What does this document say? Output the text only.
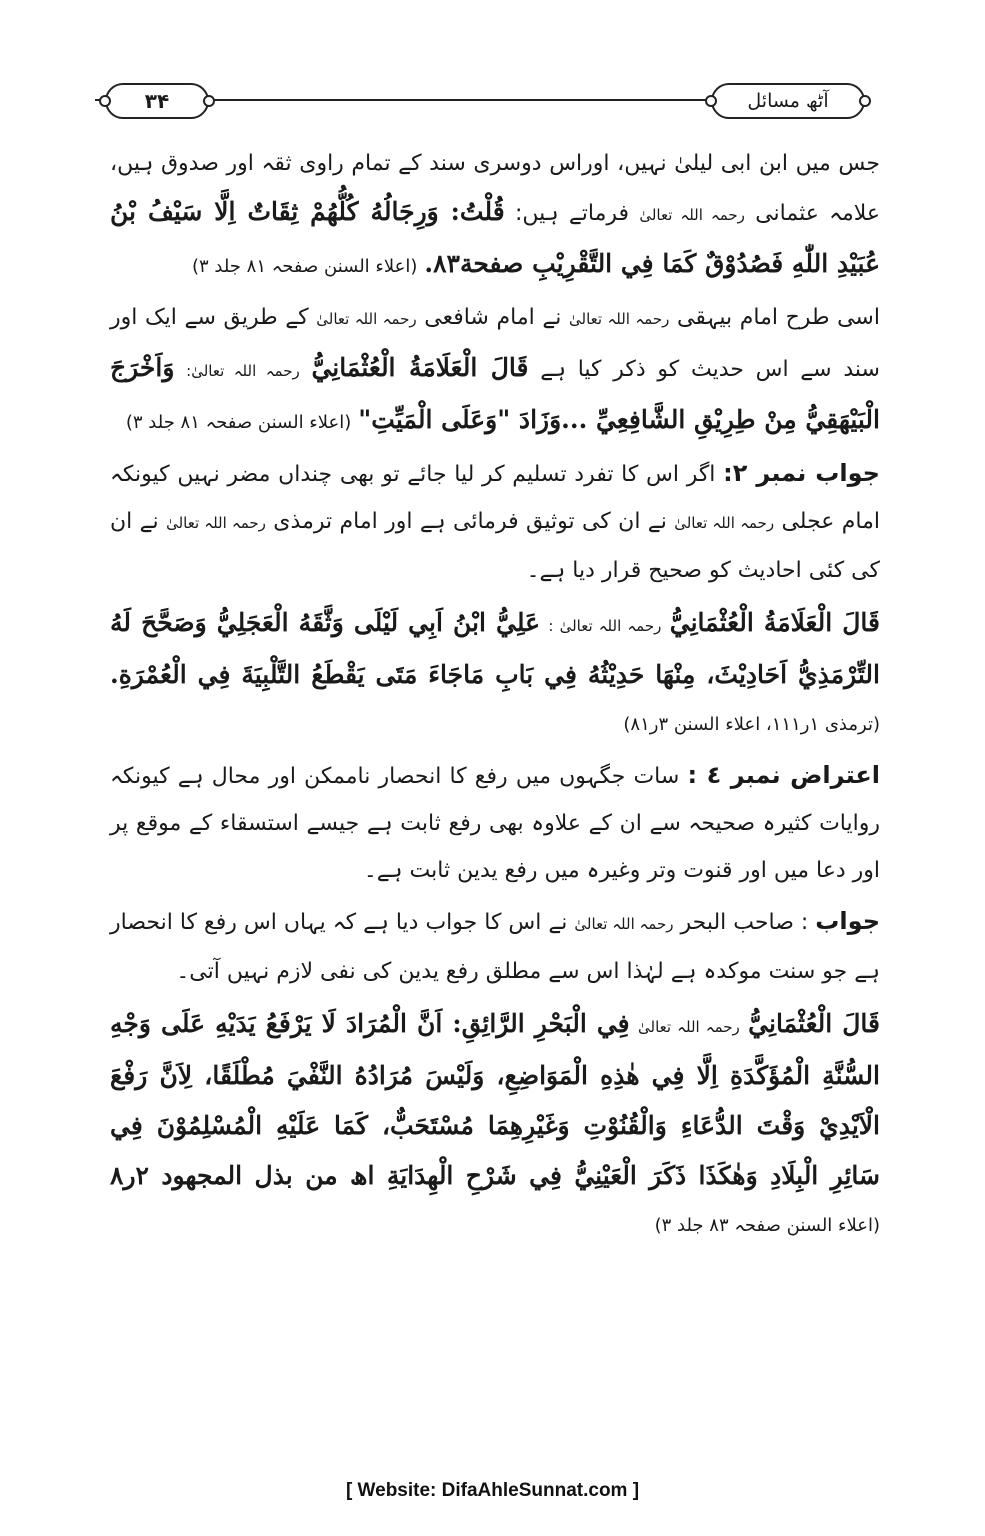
۳۴	آٹھ مسائل

جس میں ابن ابی لیلیٰ نہیں، اوراس دوسری سند کے تمام راوی ثقہ اور صدوق ہیں، علامہ عثمانی رحمہ اللہ تعالیٰ فرماتے ہیں: قُلْتُ: وَرِجَالُهُ كُلُّهُمْ ثِقَاتٌ اِلَّا سَيْفُ بْنُ عُبَيْدِ اللّٰهِ فَصُدُوْقٌ كَمَا فِي التَّقْرِيْبِ صفحة۸۳. (اعلاء السنن صفحہ ۸۱ جلد ۳)

اسی طرح امام بیہقی رحمہ اللہ تعالیٰ نے امام شافعی رحمہ اللہ تعالیٰ کے طریق سے ایک اور سند سے اس حدیث کو ذکر کیا ہے قَالَ الْعَلَامَةُ الْعُثْمَانِيُّ رحمہ اللہ تعالیٰ: وَاَخْرَجَ الْبَيْهَقِيُّ مِنْ طِرِيْقِ الشَّافِعِيِّ ...وَزَادَ "وَعَلَى الْمَيِّتِ" (اعلاء السنن صفحہ ۸۱ جلد ۳)

جواب نمبر ۲: اگر اس کا تفرد تسلیم کر لیا جائے تو بھی چنداں مضر نہیں کیونکہ امام عجلی رحمہ اللہ تعالیٰ نے ان کی توثیق فرمائی ہے اور امام ترمذی رحمہ اللہ تعالیٰ نے ان کی کئی احادیث کو صحیح قرار دیا ہے۔

قَالَ الْعَلَامَةُ الْعُثْمَانِيُّ رحمہ اللہ تعالیٰ : عَلِيُّ ابْنُ اَبِي لَيْلَى وَثَّقَهُ الْعَجَلِيُّ وَصَحَّحَ لَهُ التِّرْمَذِيُّ اَحَادِيْثَ، مِنْهَا حَدِيْثُهُ فِي بَابِ مَاجَاءَ مَتَى يَقْطَعُ التَّلْبِيَةَ فِي الْعُمْرَةِ. (ترمذی ۱ر۱۱۱، اعلاء السنن ۳ر۸۱)

اعتراض نمبر ٤ : سات جگہوں میں رفع کا انحصار ناممکن اور محال ہے کیونکہ روایات کثیرہ صحیحہ سے ان کے علاوہ بھی رفع ثابت ہے جیسے استسقاء کے موقع پر اور دعا میں اور قنوت وتر وغیرہ میں رفع یدین ثابت ہے۔

جواب : صاحب البحر رحمہ اللہ تعالیٰ نے اس کا جواب دیا ہے کہ یہاں اس رفع کا انحصار ہے جو سنت موکدہ ہے لہٰذا اس سے مطلق رفع یدین کی نفی لازم نہیں آتی۔

قَالَ الْعُثْمَانِيُّ رحمہ اللہ تعالیٰ فِي الْبَحْرِ الرَّائِقِ: اَنَّ الْمُرَادَ لَا يَرْفَعُ يَدَيْهِ عَلَى وَجْهِ السُّنَّةِ الْمُؤَكَّدَةِ اِلَّا فِي هٰذِهِ الْمَوَاضِعِ، وَلَيْسَ مُرَادُهُ النَّفْيَ مُطْلَقًا، لِاَنَّ رَفْعَ الْاَيْدِيْ وَقْتَ الدُّعَاءِ وَالْقُنُوْتِ وَغَيْرِهِمَا مُسْتَحَبٌّ، كَمَا عَلَيْهِ الْمُسْلِمُوْنَ فِي سَائِرِ الْبِلَادِ وَهٰكَذَا ذَكَرَ الْعَيْنِيُّ فِي شَرْحِ الْهِدَايَةِ اھ من بذل المجھود ۲ر۸ (اعلاء السنن صفحہ ۸۳ جلد ۳)

[ Website: DifaAhleSunnat.com ]
